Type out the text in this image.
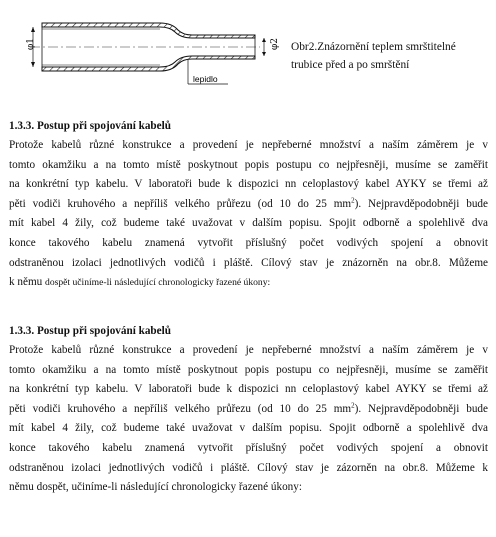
φ1	φ2
lepidlo
Obr2.Znázornění teplem smrštitelné
trubice před a po smrštění

1.3.3. Postup při spojování kabelů

Protože kabelů různé konstrukce a provedení je nepřeberné množství a naším záměrem je v
tomto okamžiku a na tomto místě poskytnout popis postupu co nejpřesněji, musíme se zaměřit
na konkrétní typ kabelu. V laboratoři bude k dispozici nn celoplastový kabel AYKY se třemi až
pěti vodiči kruhového a nepříliš velkého průřezu (od 10 do 25 $mm^2$). Nejpravděpodobněji bude
mít kabel 4 žily, což budeme také uvažovat v dalším popisu. Spojit odborně a spolehlivě dva
konce takového kabelu znamená vytvořit příslušný počet vodivých spojení a obnovit
odstraněnou izolaci jednotlivých vodičů i pláště. Cílový stav je znázorněn na obr.8. Můžeme
k němu dospět učiníme-li následující chronologicky řazené úkony:

1.3.3. Postup při spojování kabelů

Protože kabelů různé konstrukce a provedení je nepřeberné množství a naším záměrem je v
tomto okamžiku a na tomto místě poskytnout popis postupu co nejpřesněji, musíme se zaměřit
na konkrétní typ kabelu. V laboratoři bude k dispozici nn celoplastový kabel AYKY se třemi až
pěti vodiči kruhového a nepříliš velkého průřezu (od 10 do 25 $mm^2$). Nejpravděpodobněji bude
mít kabel 4 žily, což budeme také uvažovat v dalším popisu. Spojit odborně a spolehlivě dva
konce takového kabelu znamená vytvořit příslušný počet vodivých spojení a obnovit
odstraněnou izolaci jednotlivých vodičů i pláště. Cílový stav je zázorněn na obr.8. Můžeme k
němu dospět, učiníme-li následující chronologicky řazené úkony:
